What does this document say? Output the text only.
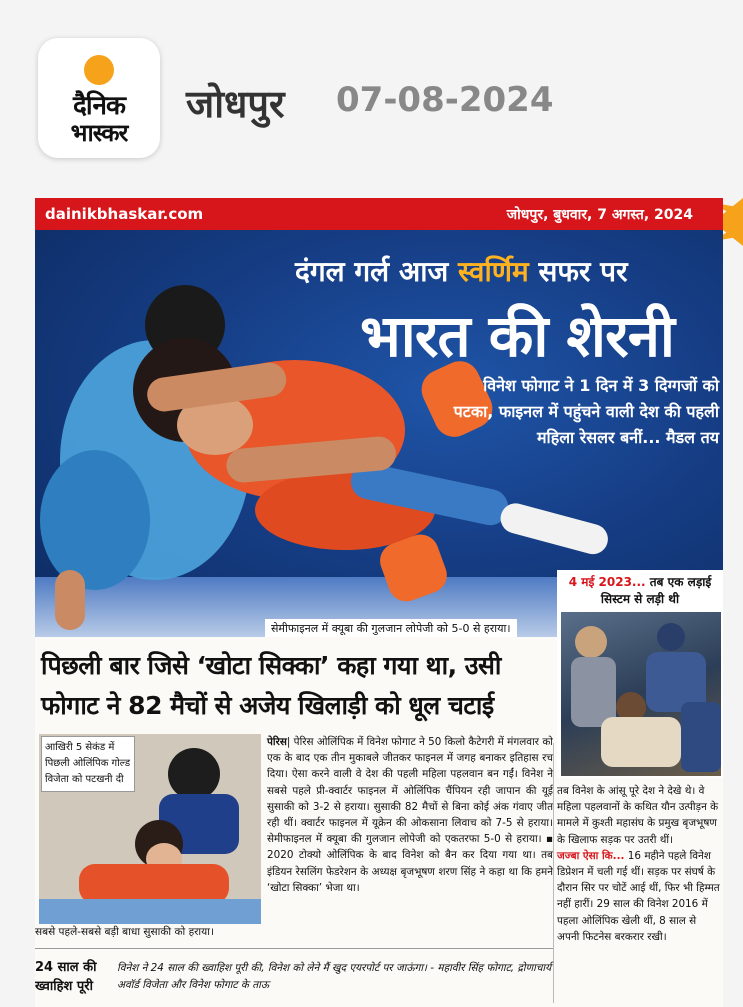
दैनिक
भास्कर
जोधपुर 07-08-2024
dainikbhaskar.com	जोधपुर, बुधवार, 7 अगस्त, 2024
दंगल गर्ल आज स्वर्णिम सफर पर
भारत की शेरनी
विनेश फोगाट ने 1 दिन में 3 दिग्गजों को पटका, फाइनल में पहुंचने वाली देश की पहली महिला रेसलर बनीं... मैडल तय
सेमीफाइनल में क्यूबा की गुलजान लोपेजी को 5-0 से हराया।
4 मई 2023... तब एक लड़ाई सिस्टम से लड़ी थी
पिछली बार जिसे ‘खोटा सिक्का’ कहा गया था, उसी फोगाट ने 82 मैचों से अजेय खिलाड़ी को धूल चटाई
आखिरी 5 सेकंड में पिछली ओलिंपिक गोल्ड विजेता को पटखनी दी
सबसे पहले-सबसे बड़ी बाधा सुसाकी को हराया।
पेरिस| पेरिस ओलिंपिक में विनेश फोगाट ने 50 किलो कैटेगरी में मंगलवार को एक के बाद एक तीन मुकाबले जीतकर फाइनल में जगह बनाकर इतिहास रच दिया। ऐसा करने वाली वे देश की पहली महिला पहलवान बन गईं। विनेश ने सबसे पहले प्री-क्वार्टर फाइनल में ओलिंपिक चैंपियन रही जापान की यूई सुसाकी को 3-2 से हराया। सुसाकी 82 मैचों से बिना कोई अंक गंवाए जीत रही थीं। क्वार्टर फाइनल में यूक्रेन की ओकसाना लिवाच को 7-5 से हराया। सेमीफाइनल में क्यूबा की गुलजान लोपेजी को एकतरफा 5-0 से हराया। ▪ 2020 टोक्यो ओलिंपिक के बाद विनेश को बैन कर दिया गया था। तब इंडियन रेसलिंग फेडरेशन के अध्यक्ष बृजभूषण शरण सिंह ने कहा था कि हमने ‘खोटा सिक्का’ भेजा था।
तब विनेश के आंसू पूरे देश ने देखे थे। वे महिला पहलवानों के कथित यौन उत्पीड़न के मामले में कुश्ती महासंघ के प्रमुख बृजभूषण के खिलाफ सड़क पर उतरी थीं।
जज्बा ऐसा कि... 16 महीने पहले विनेश डिप्रेशन में चली गई थीं। सड़क पर संघर्ष के दौरान सिर पर चोटें आई थीं, फिर भी हिम्मत नहीं हारीं। 29 साल की विनेश 2016 में पहला ओलिंपिक खेली थीं, 8 साल से अपनी फिटनेस बरकरार रखी।
24 साल की ख्वाहिश पूरी
विनेश ने 24 साल की ख्वाहिश पूरी की, विनेश को लेने मैं खुद एयरपोर्ट पर जाऊंगा। - महावीर सिंह फोगाट, द्रोणाचार्य अवॉर्ड विजेता और विनेश फोगाट के ताऊ
